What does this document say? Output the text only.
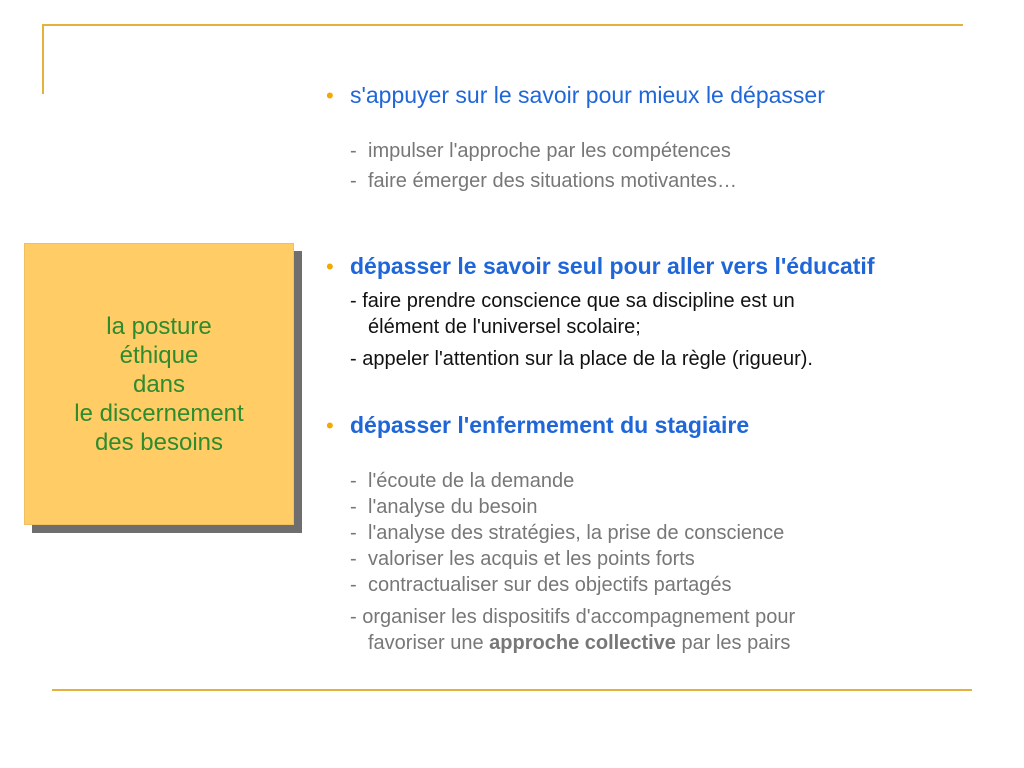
la posture
éthique
dans
le discernement
des besoins
• s'appuyer sur le savoir pour mieux le dépasser
- impulser l'approche par les compétences
- faire émerger des situations motivantes…
• dépasser le savoir seul pour aller vers l'éducatif
- faire prendre conscience que sa discipline est un
élément de l'universel scolaire;
- appeler l'attention sur la place de la règle (rigueur).
• dépasser l'enfermement du stagiaire
- l'écoute de la demande
- l'analyse du besoin
- l'analyse des stratégies, la prise de conscience
- valoriser les acquis et les points forts
- contractualiser sur des objectifs partagés
- organiser les dispositifs d'accompagnement pour
favoriser une approche collective par les pairs
